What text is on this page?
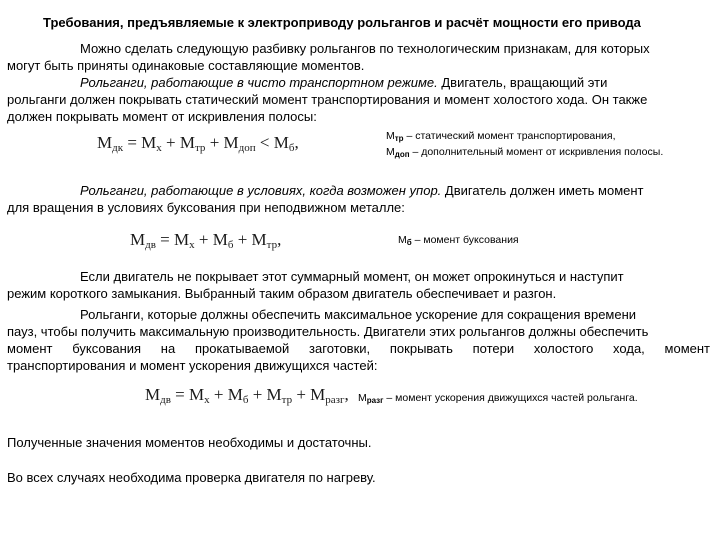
Требования, предъявляемые к электроприводу рольгангов и расчёт мощности его привода
Можно сделать следующую разбивку рольгангов по технологическим признакам, для которых
могут быть приняты одинаковые составляющие моментов.
Рольганги, работающие в чисто транспортном режиме. Двигатель, вращающий эти
рольганги должен покрывать статический момент транспортирования и момент холостого хода. Он также
должен покрывать момент от искривления полосы:
Mдк = Mх + Mтр + Mдоп < Mб,	Mтр – статический момент транспортирования,
Mдоп – дополнительный момент от искривления полосы.
Рольганги, работающие в условиях, когда возможен упор. Двигатель должен иметь момент
для вращения в условиях буксования при неподвижном металле:
Mдв = Mх + Mб + Mтр,	Mб – момент буксования
Если двигатель не покрывает этот суммарный момент, он может опрокинуться и наступит
режим короткого замыкания. Выбранный таким образом двигатель обеспечивает и разгон.
Рольганги, которые должны обеспечить максимальное ускорение для сокращения времени
пауз, чтобы получить максимальную производительность. Двигатели этих рольгангов должны обеспечить
момент буксования на прокатываемой заготовки, покрывать потери холостого хода, момент
транспортирования и момент ускорения движущихся частей:
Mдв = Mх + Mб + Mтр + Mразг, Mразг – момент ускорения движущихся частей рольганга.
Полученные значения моментов необходимы и достаточны.
Во всех случаях необходима проверка двигателя по нагреву.
